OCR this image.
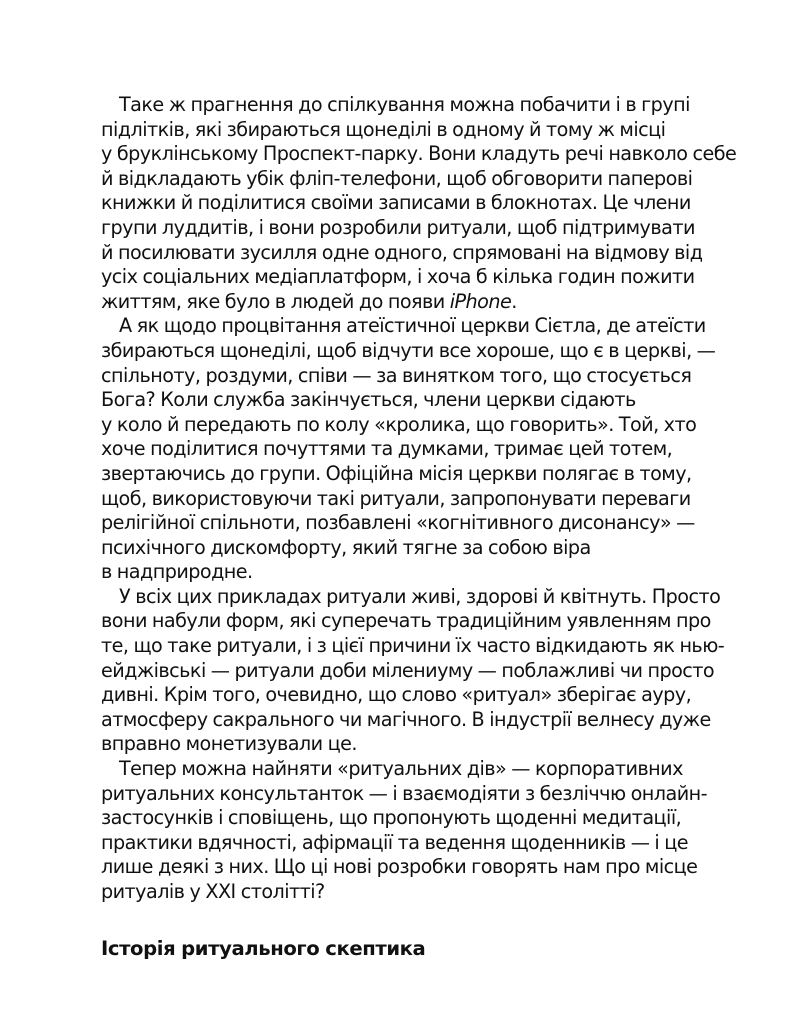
Таке ж прагнення до спілкування можна побачити і в групі
підлітків, які збираються щонеділі в одному й тому ж місці
у бруклінському Проспект-парку. Вони кладуть речі навколо себе
й відкладають убік фліп-телефони, щоб обговорити паперові
книжки й поділитися своїми записами в блокнотах. Це члени
групи луддитів, і вони розробили ритуали, щоб підтримувати
й посилювати зусилля одне одного, спрямовані на відмову від
усіх соціальних медіаплатформ, і хоча б кілька годин пожити
життям, яке було в людей до появи iPhone.

А як щодо процвітання атеїстичної церкви Сієтла, де атеїсти
збираються щонеділі, щоб відчути все хороше, що є в церкві, —
спільноту, роздуми, співи — за винятком того, що стосується
Бога? Коли служба закінчується, члени церкви сідають
у коло й передають по колу «кролика, що говорить». Той, хто
хоче поділитися почуттями та думками, тримає цей тотем,
звертаючись до групи. Офіційна місія церкви полягає в тому,
щоб, використовуючи такі ритуали, запропонувати переваги
релігійної спільноти, позбавлені «когнітивного дисонансу» —
психічного дискомфорту, який тягне за собою віра
в надприродне.

У всіх цих прикладах ритуали живі, здорові й квітнуть. Просто
вони набули форм, які суперечать традиційним уявленням про
те, що таке ритуали, і з цієї причини їх часто відкидають як нью-
ейджівські — ритуали доби мілениуму — поблажливі чи просто
дивні. Крім того, очевидно, що слово «ритуал» зберігає ауру,
атмосферу сакрального чи магічного. В індустрії велнесу дуже
вправно монетизували це.

Тепер можна найняти «ритуальних дів» — корпоративних
ритуальних консультанток — і взаємодіяти з безліччю онлайн-
застосунків і сповіщень, що пропонують щоденні медитації,
практики вдячності, афірмації та ведення щоденників — і це
лише деякі з них. Що ці нові розробки говорять нам про місце
ритуалів у XXI столітті?

Історія ритуального скептика
